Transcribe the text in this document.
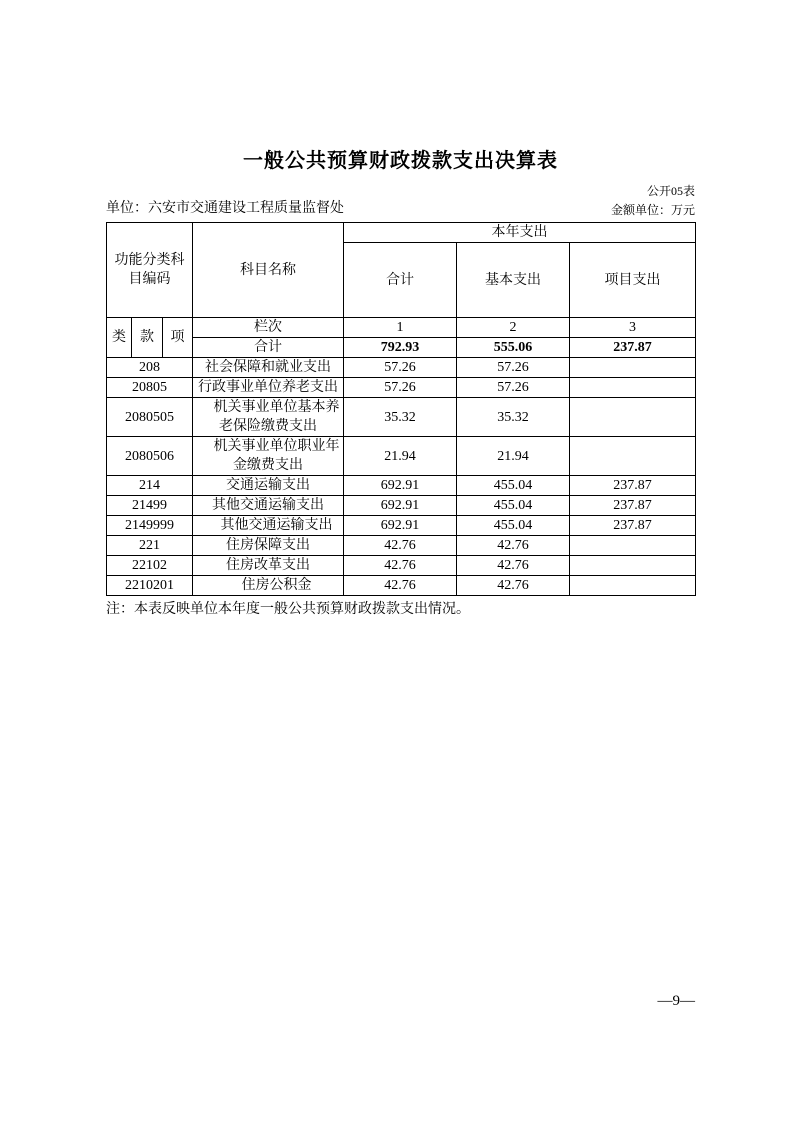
一般公共预算财政拨款支出决算表
公开05表
单位：六安市交通建设工程质量监督处	金额单位：万元
功能分类科目编码			科目名称	本年支出		
				合计	基本支出	项目支出
类	款	项	栏次	1	2	3
			合计	792.93	555.06	237.87
208			社会保障和就业支出	57.26	57.26	
20805			行政事业单位养老支出	57.26	57.26	
2080505			机关事业单位基本养老保险缴费支出	35.32	35.32	
2080506			机关事业单位职业年金缴费支出	21.94	21.94	
214			交通运输支出	692.91	455.04	237.87
21499			其他交通运输支出	692.91	455.04	237.87
2149999			其他交通运输支出	692.91	455.04	237.87
221			住房保障支出	42.76	42.76	
22102			住房改革支出	42.76	42.76	
2210201			住房公积金	42.76	42.76	
注：本表反映单位本年度一般公共预算财政拨款支出情况。
—9—
